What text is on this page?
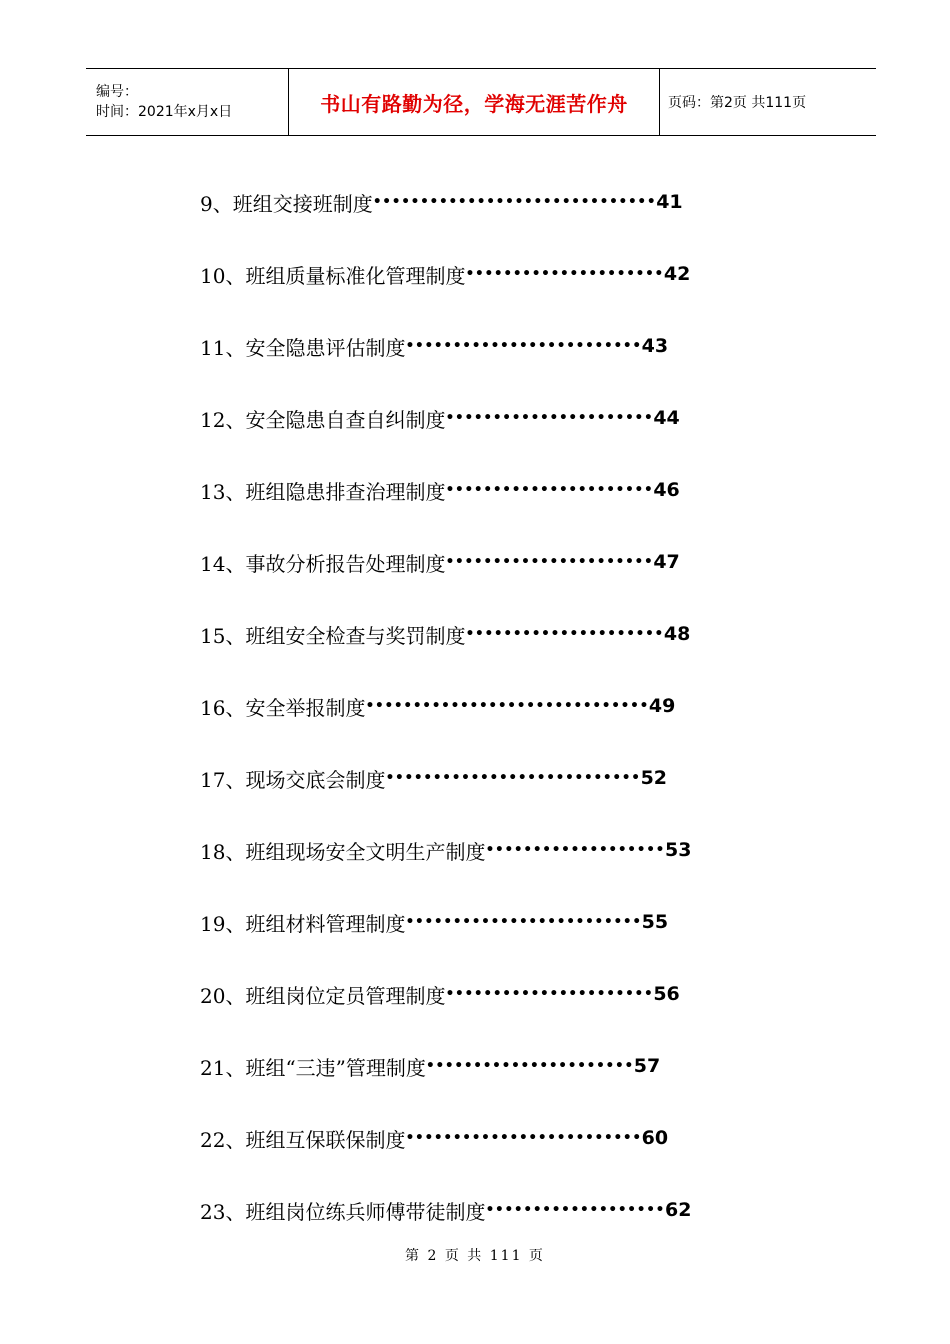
编号：
时间：2021年x月x日	书山有路勤为径，学海无涯苦作舟	页码：第2页 共111页
9、班组交接班制度 •••••••••••••••••••••••••••••• 41
10、班组质量标准化管理制度 ••••••••••••••••••••• 42
11、安全隐患评估制度 ••••••••••••••••••••••••• 43
12、安全隐患自查自纠制度 •••••••••••••••••••••• 44
13、班组隐患排查治理制度 •••••••••••••••••••••• 46
14、事故分析报告处理制度 •••••••••••••••••••••• 47
15、班组安全检查与奖罚制度 ••••••••••••••••••••• 48
16、安全举报制度 •••••••••••••••••••••••••••••• 49
17、现场交底会制度 ••••••••••••••••••••••••••• 52
18、班组现场安全文明生产制度 ••••••••••••••••••• 53
19、班组材料管理制度 ••••••••••••••••••••••••• 55
20、班组岗位定员管理制度 •••••••••••••••••••••• 56
21、班组“三违”管理制度 •••••••••••••••••••••• 57
22、班组互保联保制度 ••••••••••••••••••••••••• 60
23、班组岗位练兵师傅带徒制度 ••••••••••••••••••• 62
第 2 页 共 111 页
